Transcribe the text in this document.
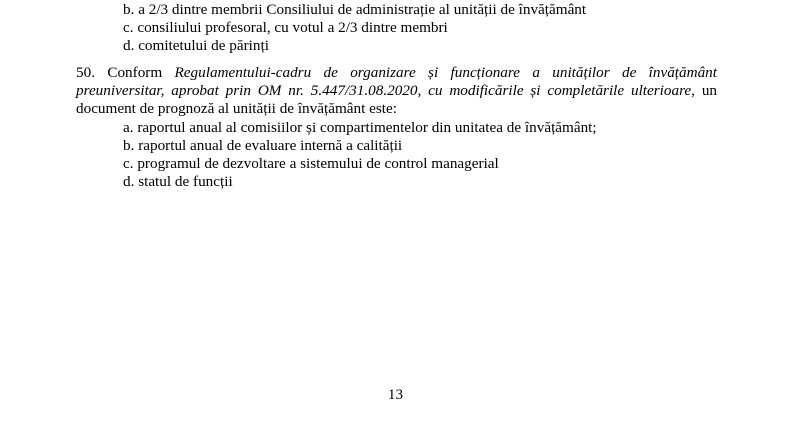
b. a 2/3 dintre membrii Consiliului de administrație al unității de învățământ
c. consiliului profesoral, cu votul a 2/3 dintre membri
d. comitetului de părinți
50. Conform Regulamentului-cadru de organizare și funcționare a unităților de învățământ
preuniversitar, aprobat prin OM nr. 5.447/31.08.2020, cu modificările și completările ulterioare, un
document de prognoză al unității de învățământ este:
a. raportul anual al comisiilor și compartimentelor din unitatea de învățământ;
b. raportul anual de evaluare internă a calității
c. programul de dezvoltare a sistemului de control managerial
d. statul de funcții
13
